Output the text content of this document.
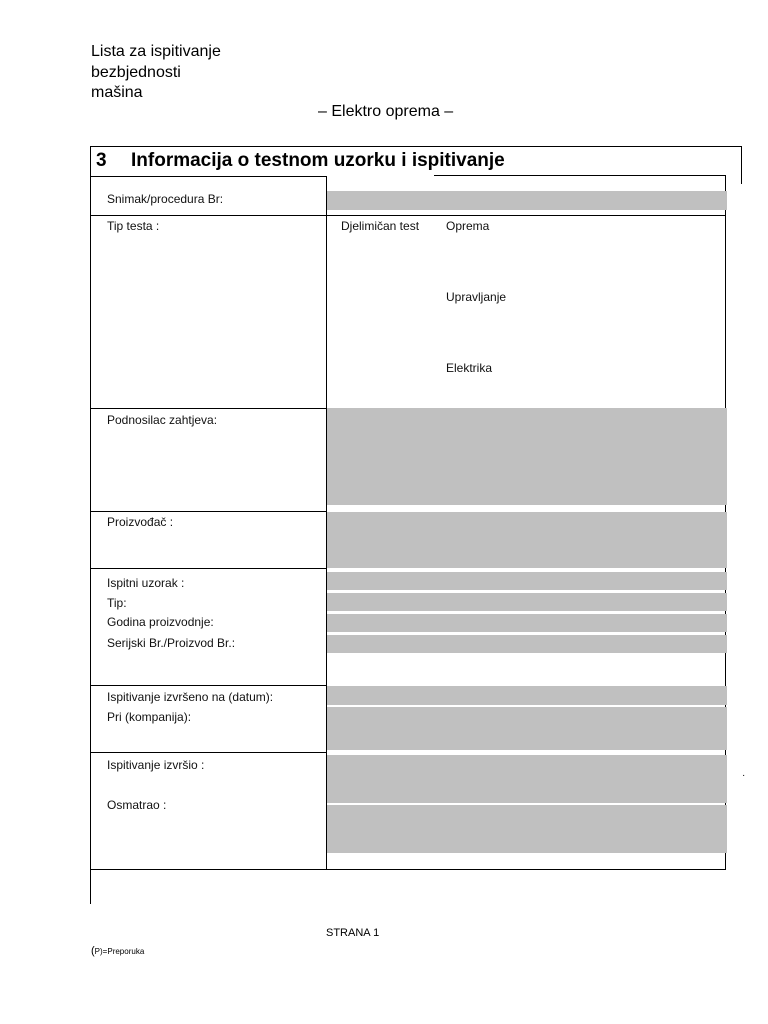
Lista za ispitivanje
bezbjednosti
mašina
– Elektro oprema –
3 Informacija o testnom uzorku i ispitivanje
Snimak/procedura Br:
Tip testa :	Djelimičan test Oprema
Upravljanje
Elektrika
Podnosilac zahtjeva:
Proizvođač :
Ispitni uzorak :
Tip:
Godina proizvodnje:
Serijski Br./Proizvod Br.:
Ispitivanje izvršeno na (datum):
Pri (kompanija):
Ispitivanje izvršio :
Osmatrao :
·
STRANA 1
(P)=Preporuka
